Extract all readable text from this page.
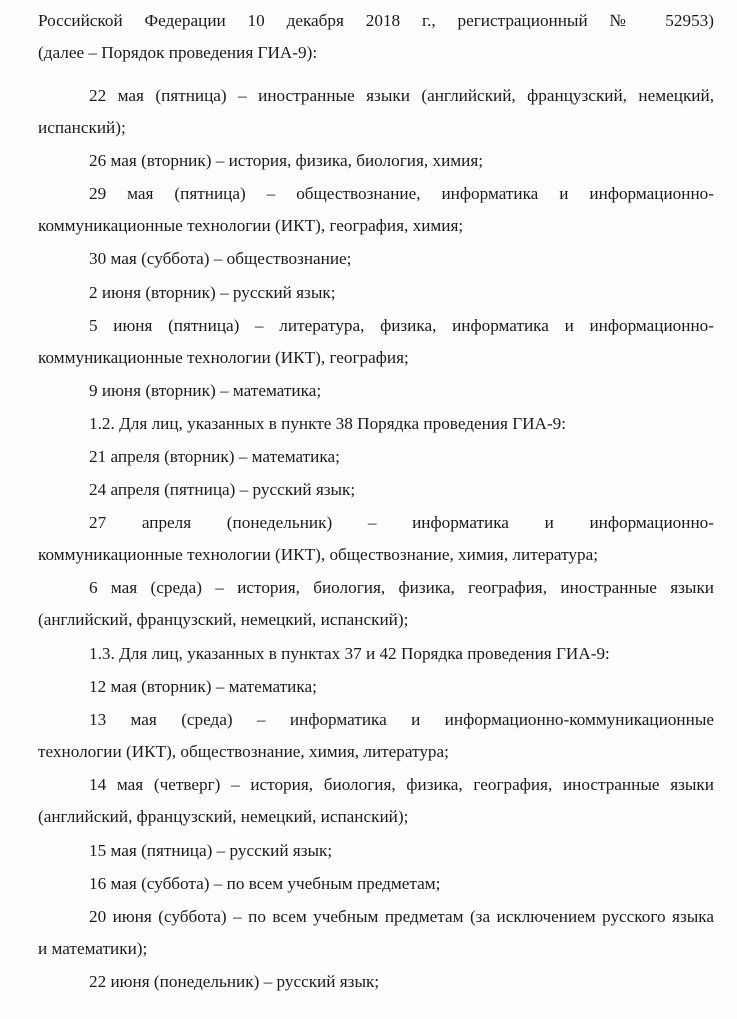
Российской Федерации 10 декабря 2018 г., регистрационный № 52953)
(далее – Порядок проведения ГИА-9):
22 мая (пятница) – иностранные языки (английский, французский, немецкий,
испанский);
26 мая (вторник) – история, физика, биология, химия;
29 мая (пятница) – обществознание, информатика и информационно-
коммуникационные технологии (ИКТ), география, химия;
30 мая (суббота) – обществознание;
2 июня (вторник) – русский язык;
5 июня (пятница) – литература, физика, информатика и информационно-
коммуникационные технологии (ИКТ), география;
9 июня (вторник) – математика;
1.2. Для лиц, указанных в пункте 38 Порядка проведения ГИА-9:
21 апреля (вторник) – математика;
24 апреля (пятница) – русский язык;
27 апреля (понедельник) – информатика и информационно-
коммуникационные технологии (ИКТ), обществознание, химия, литература;
6 мая (среда) – история, биология, физика, география, иностранные языки
(английский, французский, немецкий, испанский);
1.3. Для лиц, указанных в пунктах 37 и 42 Порядка проведения ГИА-9:
12 мая (вторник) – математика;
13 мая (среда) – информатика и информационно-коммуникационные
технологии (ИКТ), обществознание, химия, литература;
14 мая (четверг) – история, биология, физика, география, иностранные языки
(английский, французский, немецкий, испанский);
15 мая (пятница) – русский язык;
16 мая (суббота) – по всем учебным предметам;
20 июня (суббота) – по всем учебным предметам (за исключением русского языка
и математики);
22 июня (понедельник) – русский язык;
